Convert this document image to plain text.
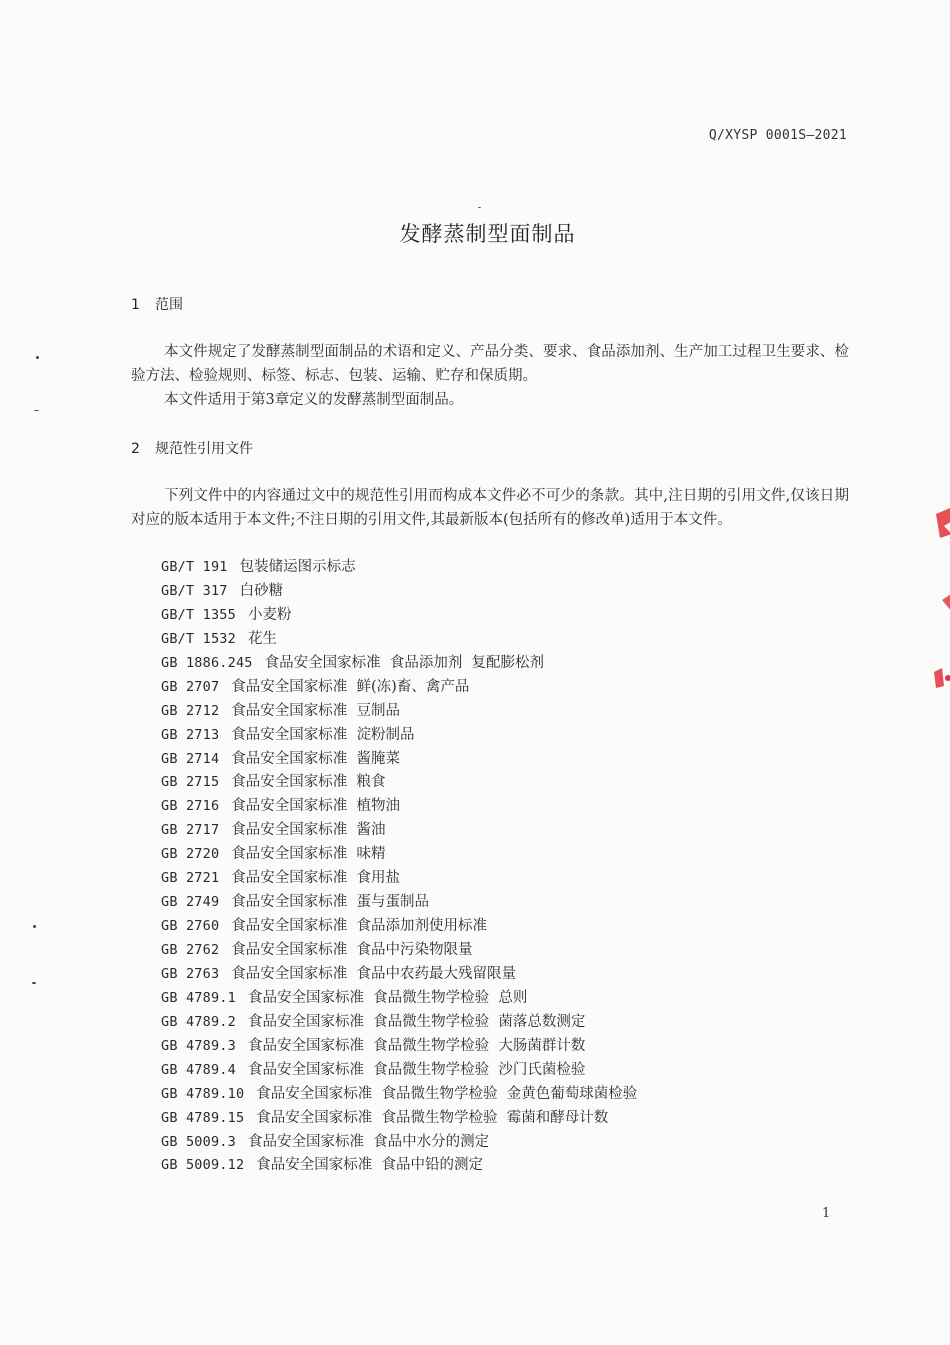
Q/XYSP 0001S—2021
发酵蒸制型面制品
1 范围

本文件规定了发酵蒸制型面制品的术语和定义、产品分类、要求、食品添加剂、生产加工过程卫生要求、检验方法、检验规则、标签、标志、包装、运输、贮存和保质期。

本文件适用于第3章定义的发酵蒸制型面制品。

2 规范性引用文件

下列文件中的内容通过文中的规范性引用而构成本文件必不可少的条款。其中,注日期的引用文件,仅该日期对应的版本适用于本文件;不注日期的引用文件,其最新版本(包括所有的修改单)适用于本文件。

GB/T 191 包装储运图示标志
GB/T 317 白砂糖
GB/T 1355 小麦粉
GB/T 1532 花生
GB 1886.245 食品安全国家标准  食品添加剂  复配膨松剂
GB 2707 食品安全国家标准  鲜(冻)畜、禽产品
GB 2712 食品安全国家标准  豆制品
GB 2713 食品安全国家标准  淀粉制品
GB 2714 食品安全国家标准  酱腌菜
GB 2715 食品安全国家标准  粮食
GB 2716 食品安全国家标准  植物油
GB 2717 食品安全国家标准  酱油
GB 2720 食品安全国家标准  味精
GB 2721 食品安全国家标准  食用盐
GB 2749 食品安全国家标准  蛋与蛋制品
GB 2760 食品安全国家标准  食品添加剂使用标准
GB 2762 食品安全国家标准  食品中污染物限量
GB 2763 食品安全国家标准  食品中农药最大残留限量
GB 4789.1 食品安全国家标准  食品微生物学检验  总则
GB 4789.2 食品安全国家标准  食品微生物学检验  菌落总数测定
GB 4789.3 食品安全国家标准  食品微生物学检验  大肠菌群计数
GB 4789.4 食品安全国家标准  食品微生物学检验  沙门氏菌检验
GB 4789.10 食品安全国家标准  食品微生物学检验  金黄色葡萄球菌检验
GB 4789.15 食品安全国家标准  食品微生物学检验  霉菌和酵母计数
GB 5009.3 食品安全国家标准  食品中水分的测定
GB 5009.12 食品安全国家标准  食品中铅的测定
1
